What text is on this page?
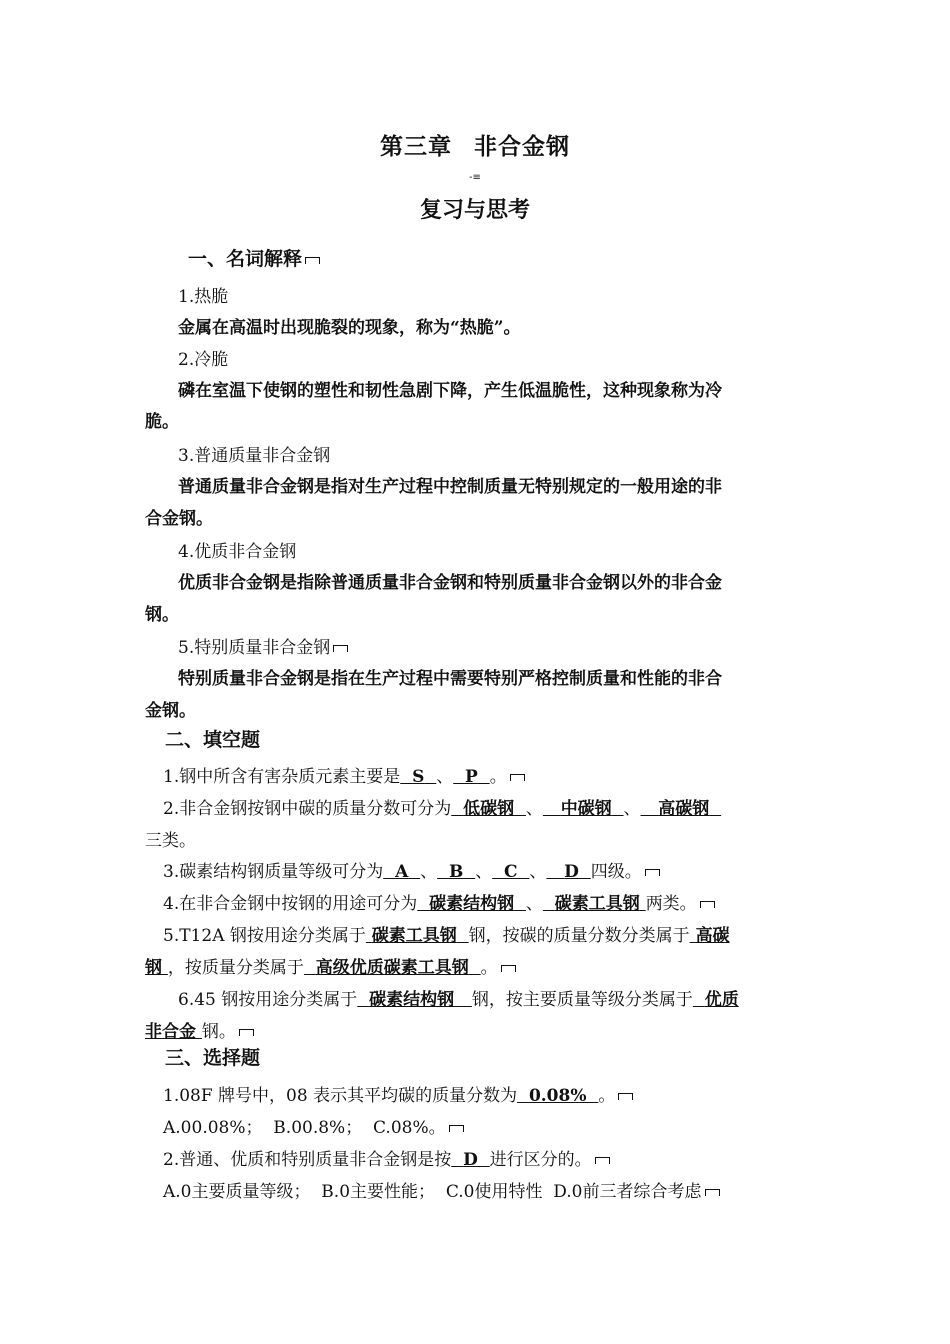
第三章 非合金钢
-≡
复习与思考
一、名词解释
1.热脆
金属在高温时出现脆裂的现象，称为“热脆”。
2.冷脆
磷在室温下使钢的塑性和韧性急剧下降，产生低温脆性，这种现象称为冷
脆。
3.普通质量非合金钢
普通质量非合金钢是指对生产过程中控制质量无特别规定的一般用途的非
合金钢。
4.优质非合金钢
优质非合金钢是指除普通质量非合金钢和特别质量非合金钢以外的非合金
钢。
5.特别质量非合金钢
特别质量非合金钢是指在生产过程中需要特别严格控制质量和性能的非合
金钢。
二、填空题
1.钢中所含有害杂质元素主要是 S 、 P 。
2.非合金钢按钢中碳的质量分数可分为 低碳钢 、 中碳钢 、 高碳钢
三类。
3.碳素结构钢质量等级可分为 A 、 B 、 C 、 D 四级。
4.在非合金钢中按钢的用途可分为 碳素结构钢 、 碳素工具钢 两类。
5.T12A 钢按用途分类属于 碳素工具钢 钢，按碳的质量分数分类属于 高碳
钢 ，按质量分类属于 高级优质碳素工具钢 。
6.45 钢按用途分类属于 碳素结构钢 钢，按主要质量等级分类属于 优质
非合金 钢。
三、选择题
1.08F 牌号中，08 表示其平均碳的质量分数为 0.08% 。
A.00.08%；  B.00.8%；  C.08%。
2.普通、优质和特别质量非合金钢是按 D 进行区分的。
A.0主要质量等级；  B.0主要性能；  C.0使用特性  D.0前三者综合考虑
